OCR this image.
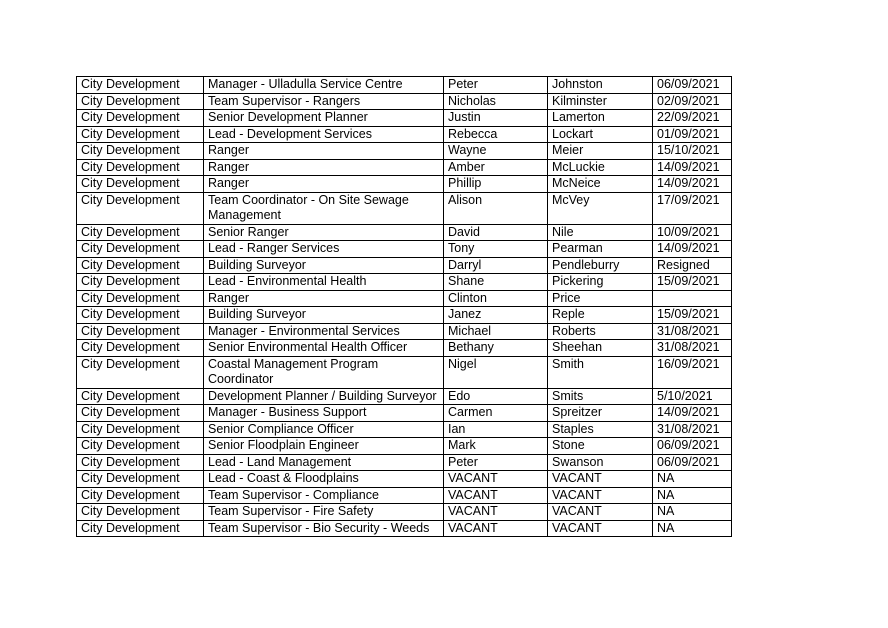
City Development	Manager - Ulladulla Service Centre	Peter	Johnston	06/09/2021
City Development	Team Supervisor - Rangers	Nicholas	Kilminster	02/09/2021
City Development	Senior Development Planner	Justin	Lamerton	22/09/2021
City Development	Lead - Development Services	Rebecca	Lockart	01/09/2021
City Development	Ranger	Wayne	Meier	15/10/2021
City Development	Ranger	Amber	McLuckie	14/09/2021
City Development	Ranger	Phillip	McNeice	14/09/2021
City Development	Team Coordinator - On Site Sewage Management	Alison	McVey	17/09/2021
City Development	Senior Ranger	David	Nile	10/09/2021
City Development	Lead - Ranger Services	Tony	Pearman	14/09/2021
City Development	Building Surveyor	Darryl	Pendleburry	Resigned
City Development	Lead - Environmental Health	Shane	Pickering	15/09/2021
City Development	Ranger	Clinton	Price	
City Development	Building Surveyor	Janez	Reple	15/09/2021
City Development	Manager - Environmental Services	Michael	Roberts	31/08/2021
City Development	Senior Environmental Health Officer	Bethany	Sheehan	31/08/2021
City Development	Coastal Management Program Coordinator	Nigel	Smith	16/09/2021
City Development	Development Planner / Building Surveyor	Edo	Smits	5/10/2021
City Development	Manager - Business Support	Carmen	Spreitzer	14/09/2021
City Development	Senior Compliance Officer	Ian	Staples	31/08/2021
City Development	Senior Floodplain Engineer	Mark	Stone	06/09/2021
City Development	Lead - Land Management	Peter	Swanson	06/09/2021
City Development	Lead - Coast & Floodplains	VACANT	VACANT	NA
City Development	Team Supervisor - Compliance	VACANT	VACANT	NA
City Development	Team Supervisor - Fire Safety	VACANT	VACANT	NA
City Development	Team Supervisor - Bio Security - Weeds	VACANT	VACANT	NA
